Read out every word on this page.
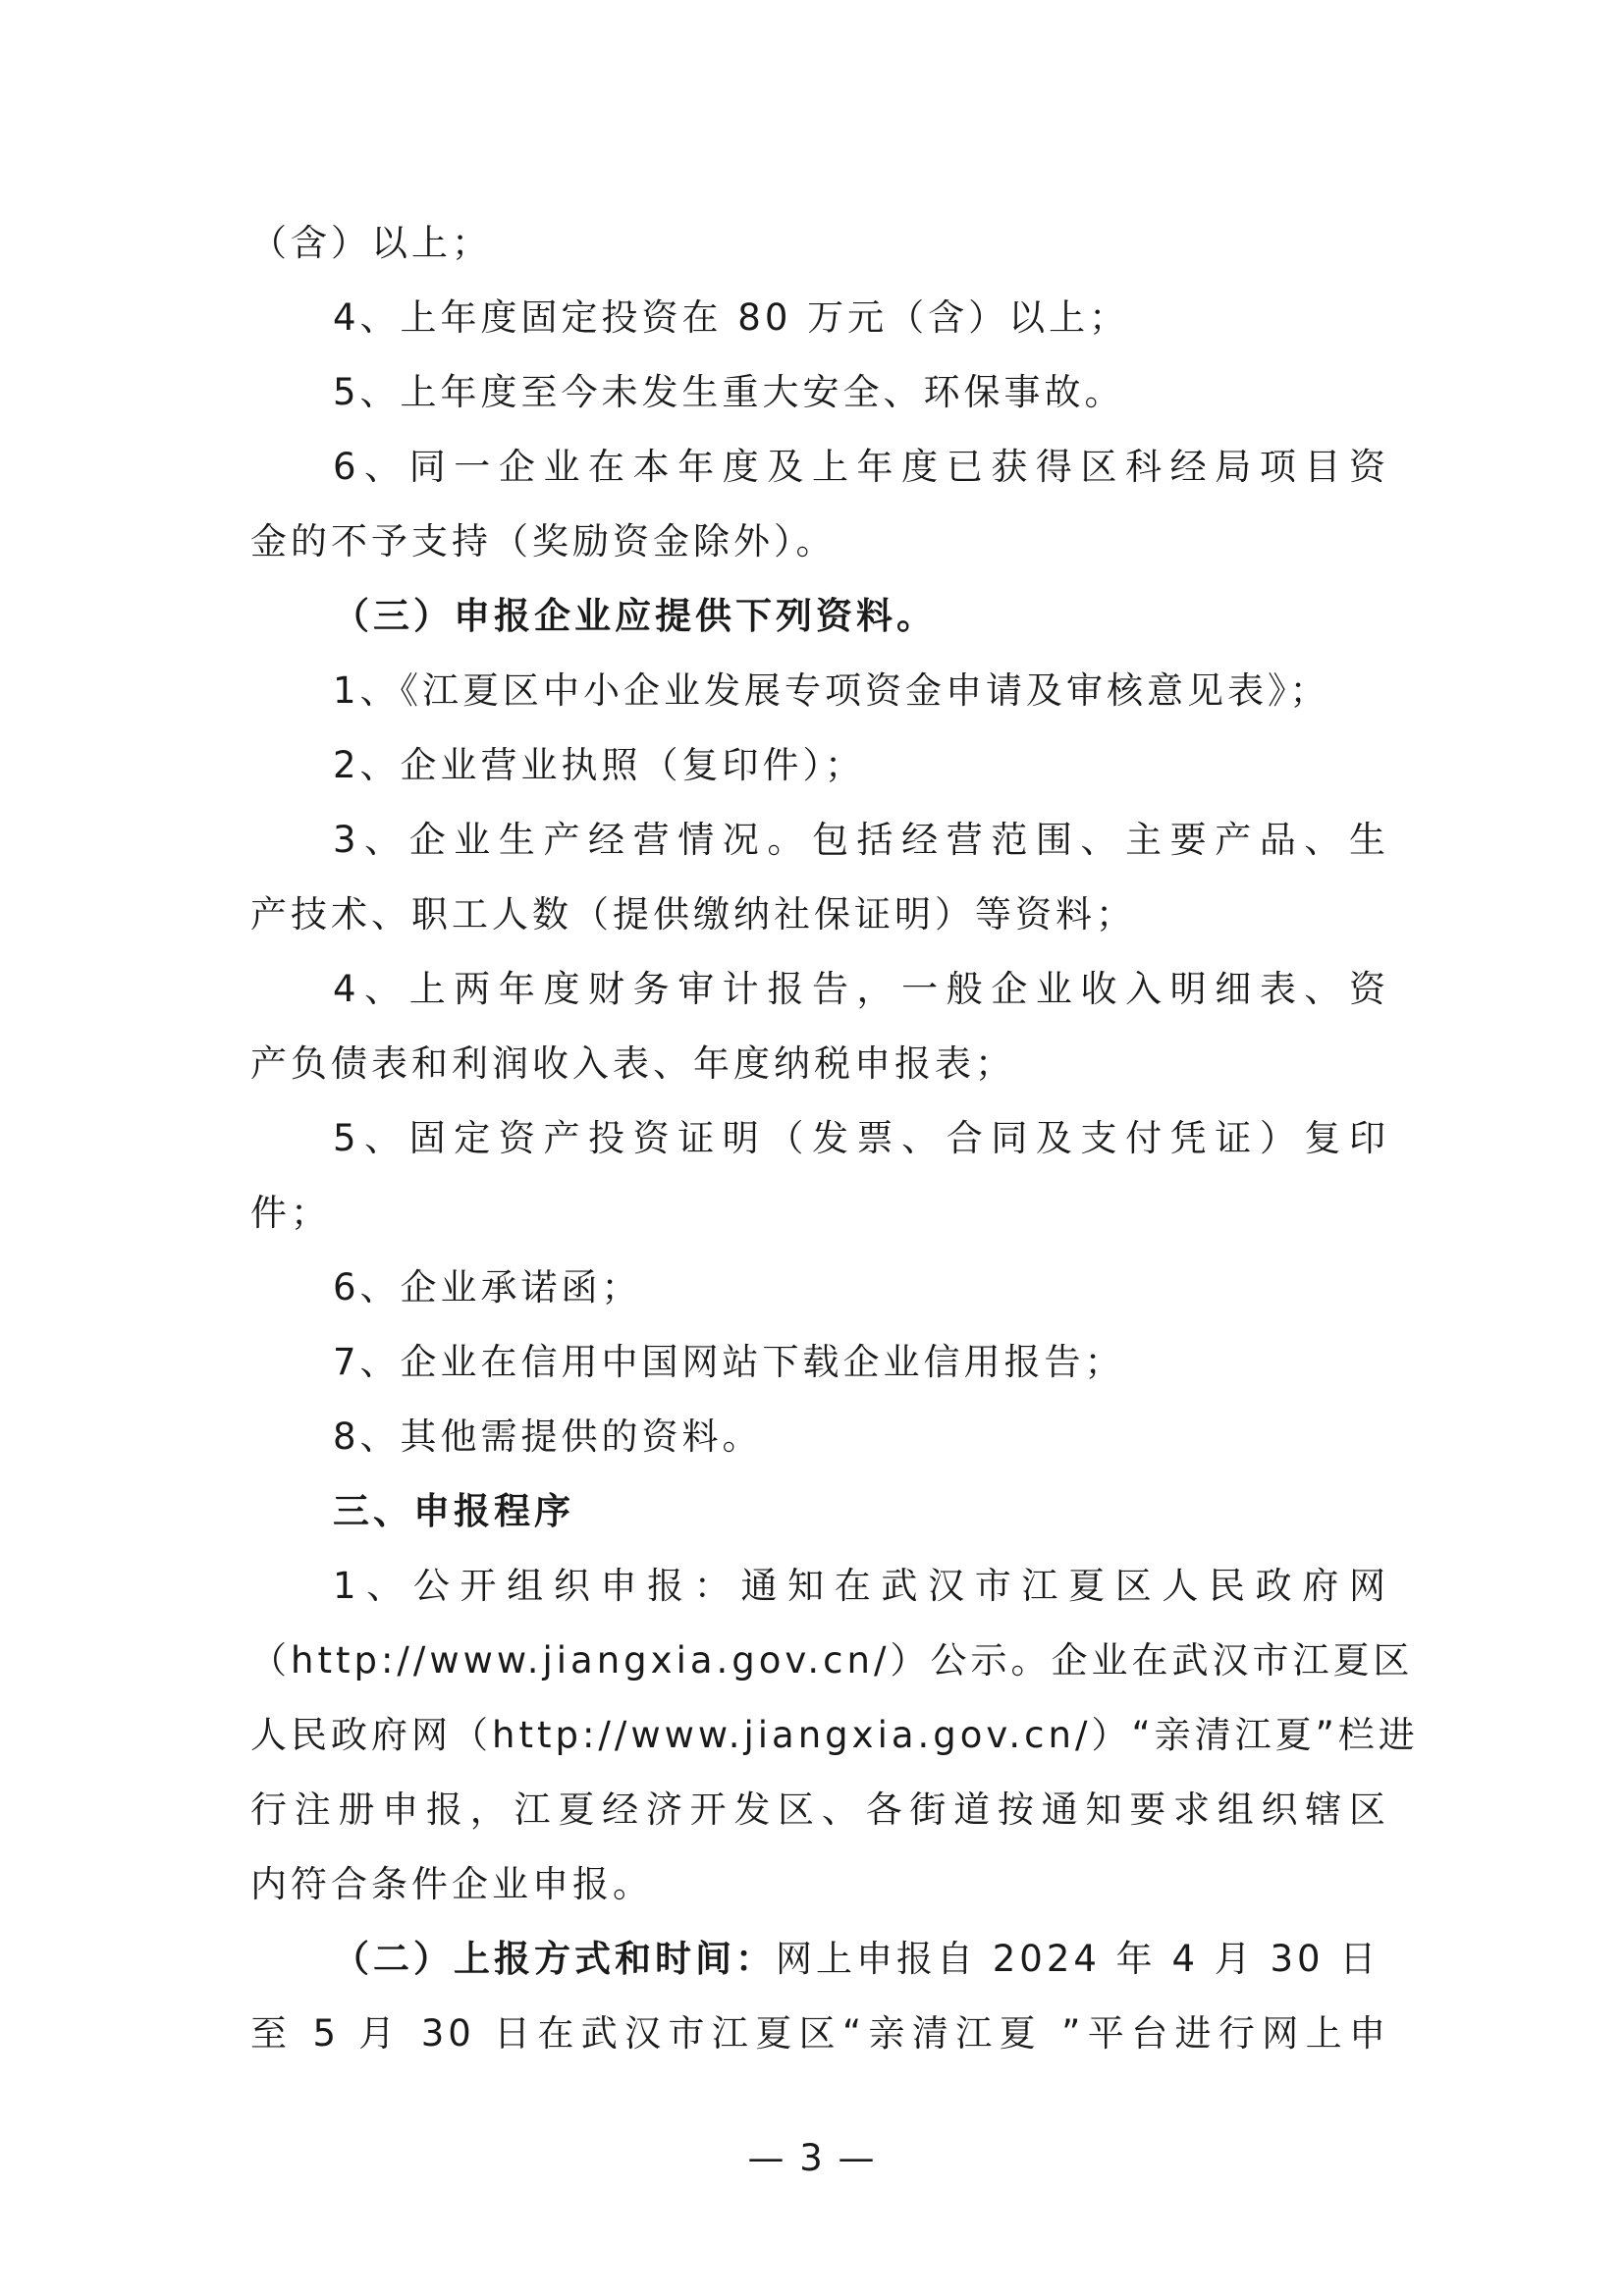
（含）以上；
4、上年度固定投资在 80 万元（含）以上；
5、上年度至今未发生重大安全、环保事故。
6、同一企业在本年度及上年度已获得区科经局项目资
金的不予支持（奖励资金除外）。
（三）申报企业应提供下列资料。
1、《江夏区中小企业发展专项资金申请及审核意见表》；
2、企业营业执照（复印件）；
3、企业生产经营情况。包括经营范围、主要产品、生
产技术、职工人数（提供缴纳社保证明）等资料；
4、上两年度财务审计报告，一般企业收入明细表、资
产负债表和利润收入表、年度纳税申报表；
5、固定资产投资证明（发票、合同及支付凭证）复印
件；
6、企业承诺函；
7、企业在信用中国网站下载企业信用报告；
8、其他需提供的资料。
三、申报程序
1、公开组织申报：通知在武汉市江夏区人民政府网
（http://www.jiangxia.gov.cn/）公示。企业在武汉市江夏区
人民政府网（http://www.jiangxia.gov.cn/）“亲清江夏”栏进
行注册申报，江夏经济开发区、各街道按通知要求组织辖区
内符合条件企业申报。
（二）上报方式和时间：网上申报自 2024 年 4 月 30 日
至 5 月 30 日在武汉市江夏区“亲清江夏 ”平台进行网上申
— 3 —
